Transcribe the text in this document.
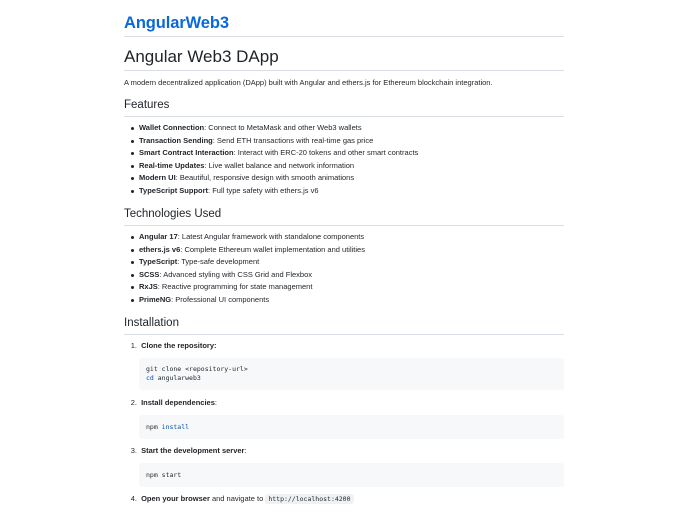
AngularWeb3
Angular Web3 DApp

A modern decentralized application (DApp) built with Angular and ethers.js for Ethereum blockchain integration.

Features
Wallet Connection: Connect to MetaMask and other Web3 wallets
Transaction Sending: Send ETH transactions with real-time gas price
Smart Contract Interaction: Interact with ERC-20 tokens and other smart contracts
Real-time Updates: Live wallet balance and network information
Modern UI: Beautiful, responsive design with smooth animations
TypeScript Support: Full type safety with ethers.js v6
Technologies Used
Angular 17: Latest Angular framework with standalone components
ethers.js v6: Complete Ethereum wallet implementation and utilities
TypeScript: Type-safe development
SCSS: Advanced styling with CSS Grid and Flexbox
RxJS: Reactive programming for state management
PrimeNG: Professional UI components
Installation
1. Clone the repository:
git clone <repository-url>
cd angularweb3
2. Install dependencies:
npm install
3. Start the development server:
npm start
4. Open your browser and navigate to http://localhost:4200
